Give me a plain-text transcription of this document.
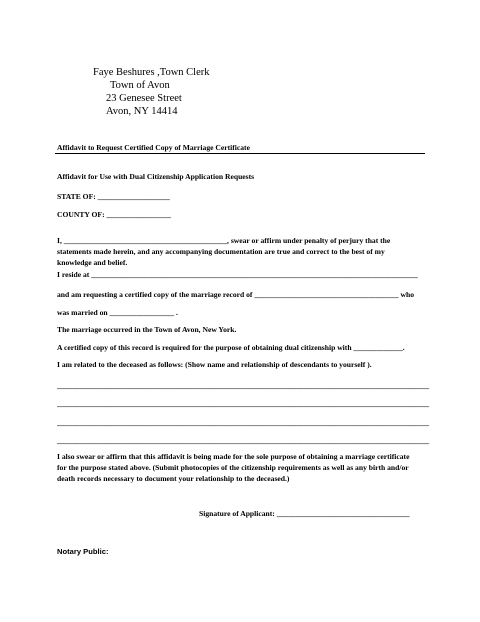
Faye Beshures ,Town Clerk
Town of Avon
23 Genesee Street
Avon, NY 14414
Affidavit to Request Certified Copy of Marriage Certificate
Affidavit for Use with Dual Citizenship Application Requests
STATE OF: ___________________
COUNTY OF: _________________
I, ___________________________________________, swear or affirm under penalty of perjury that the
statements made herein, and any accompanying documentation are true and correct to the best of my
knowledge and belief.
I reside at ______________________________________________________________________________________
and am requesting a certified copy of the marriage record of ______________________________________ who
was married on _________________ .
The marriage occurred in the Town of Avon, New York.
A certified copy of this record is required for the purpose of obtaining dual citizenship with _____________.
I am related to the deceased as follows: (Show name and relationship of descendants to yourself ).
__________________________________________________________________________________________________
__________________________________________________________________________________________________
__________________________________________________________________________________________________
__________________________________________________________________________________________________
I also swear or affirm that this affidavit is being made for the sole purpose of obtaining a marriage certificate
for the purpose stated above. (Submit photocopies of the citizenship requirements as well as any birth and/or
death records necessary to document your relationship to the deceased.)
Signature of Applicant: ___________________________________
Notary Public:
